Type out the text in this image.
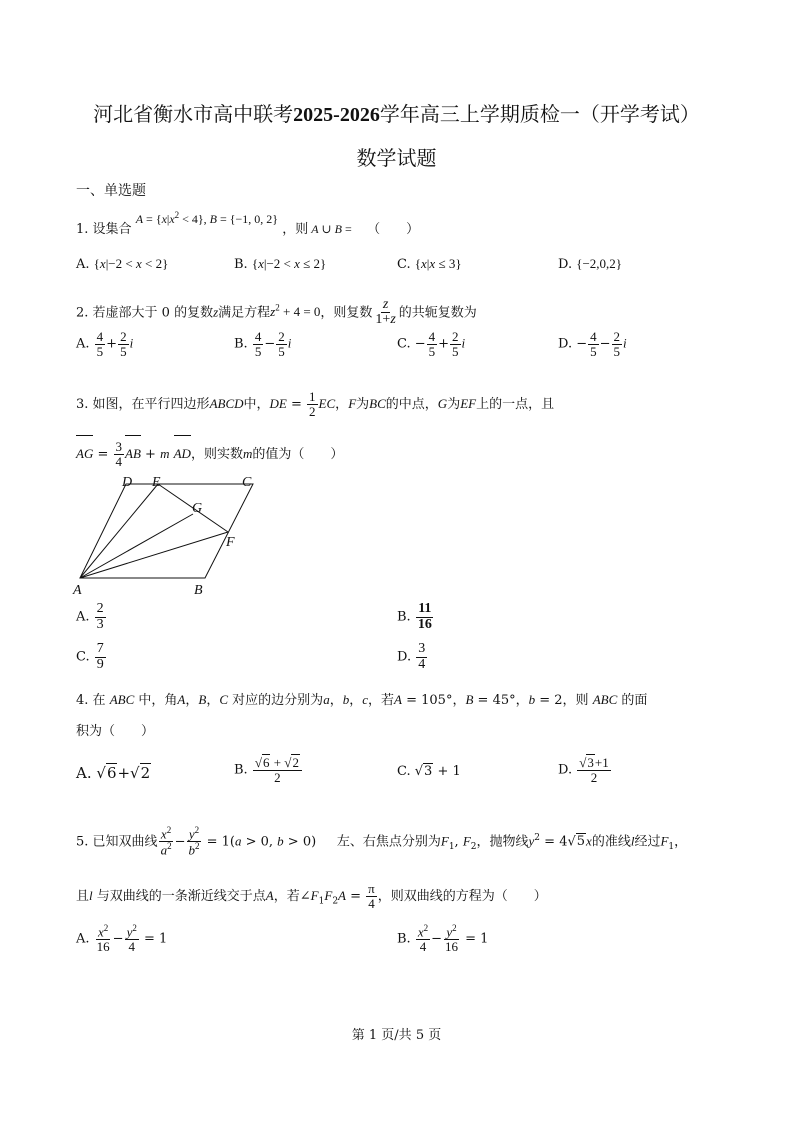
河北省衡水市高中联考2025-2026学年高三上学期质检一（开学考试）
数学试题
一、单选题
1. 设集合 $A = \{x|x^2 < 4\}$, B = {−1, 0, 2} ，则 A ∪ B =    （　　）
A. {x|−2 < x < 2}	B. {x|−2 < x ≤ 2}	C. {x|x ≤ 3}	D. {−2,0,2}
2. 若虚部大于 0 的复数z满足方程$z^2 + 4 = 0$，则复数 $\frac{z}{1+z}$ 的共轭复数为
A. $\frac{4}{5} + \frac{2}{5}$ i	B. $\frac{4}{5} - \frac{2}{5}$ i	C. − $\frac{4}{5} + \frac{2}{5}$ i	D. − $\frac{4}{5} - \frac{2}{5}$ i
3. 如图，在平行四边形ABCD中，DE = $\frac{1}{2}$ EC，F为BC的中点，G为EF上的一点，且
AG = $\frac{3}{4}$ AB + m AD，则实数m的值为（　　）
A	B
C
D E
G
F
A. $\frac{2}{3}$	B. $\frac{11}{16}$
C. $\frac{7}{9}$	D. $\frac{3}{4}$
4. 在 ABC 中，角A，B，C 对应的边分别为a，b，c，若A = 105°，B = 45°，b = 2，则 ABC 的面
积为（　　）
A. √6+√2	B. $\frac{√6 + √2}{2}$	C. √3 + 1	D. $\frac{√3+1}{2}$
5. 已知双曲线 $\frac{x^2}{a^2} - \frac{y^2}{b^2} = 1(a > 0$, b > 0)     左、右焦点分别为$F_1$, $F_2$，抛物线$y^2 = 4√5x$的准线l经过$F_1$，
且l 与双曲线的一条渐近线交于点A，若$\angle F_1F_2A = \frac{\pi}{4}$ ，则双曲线的方程为（　　）
A. $\frac{x^2}{16} - \frac{y^2}{4} = 1$	B. $\frac{x^2}{4} - \frac{y^2}{16} = 1$
第 1 页/共 5 页
